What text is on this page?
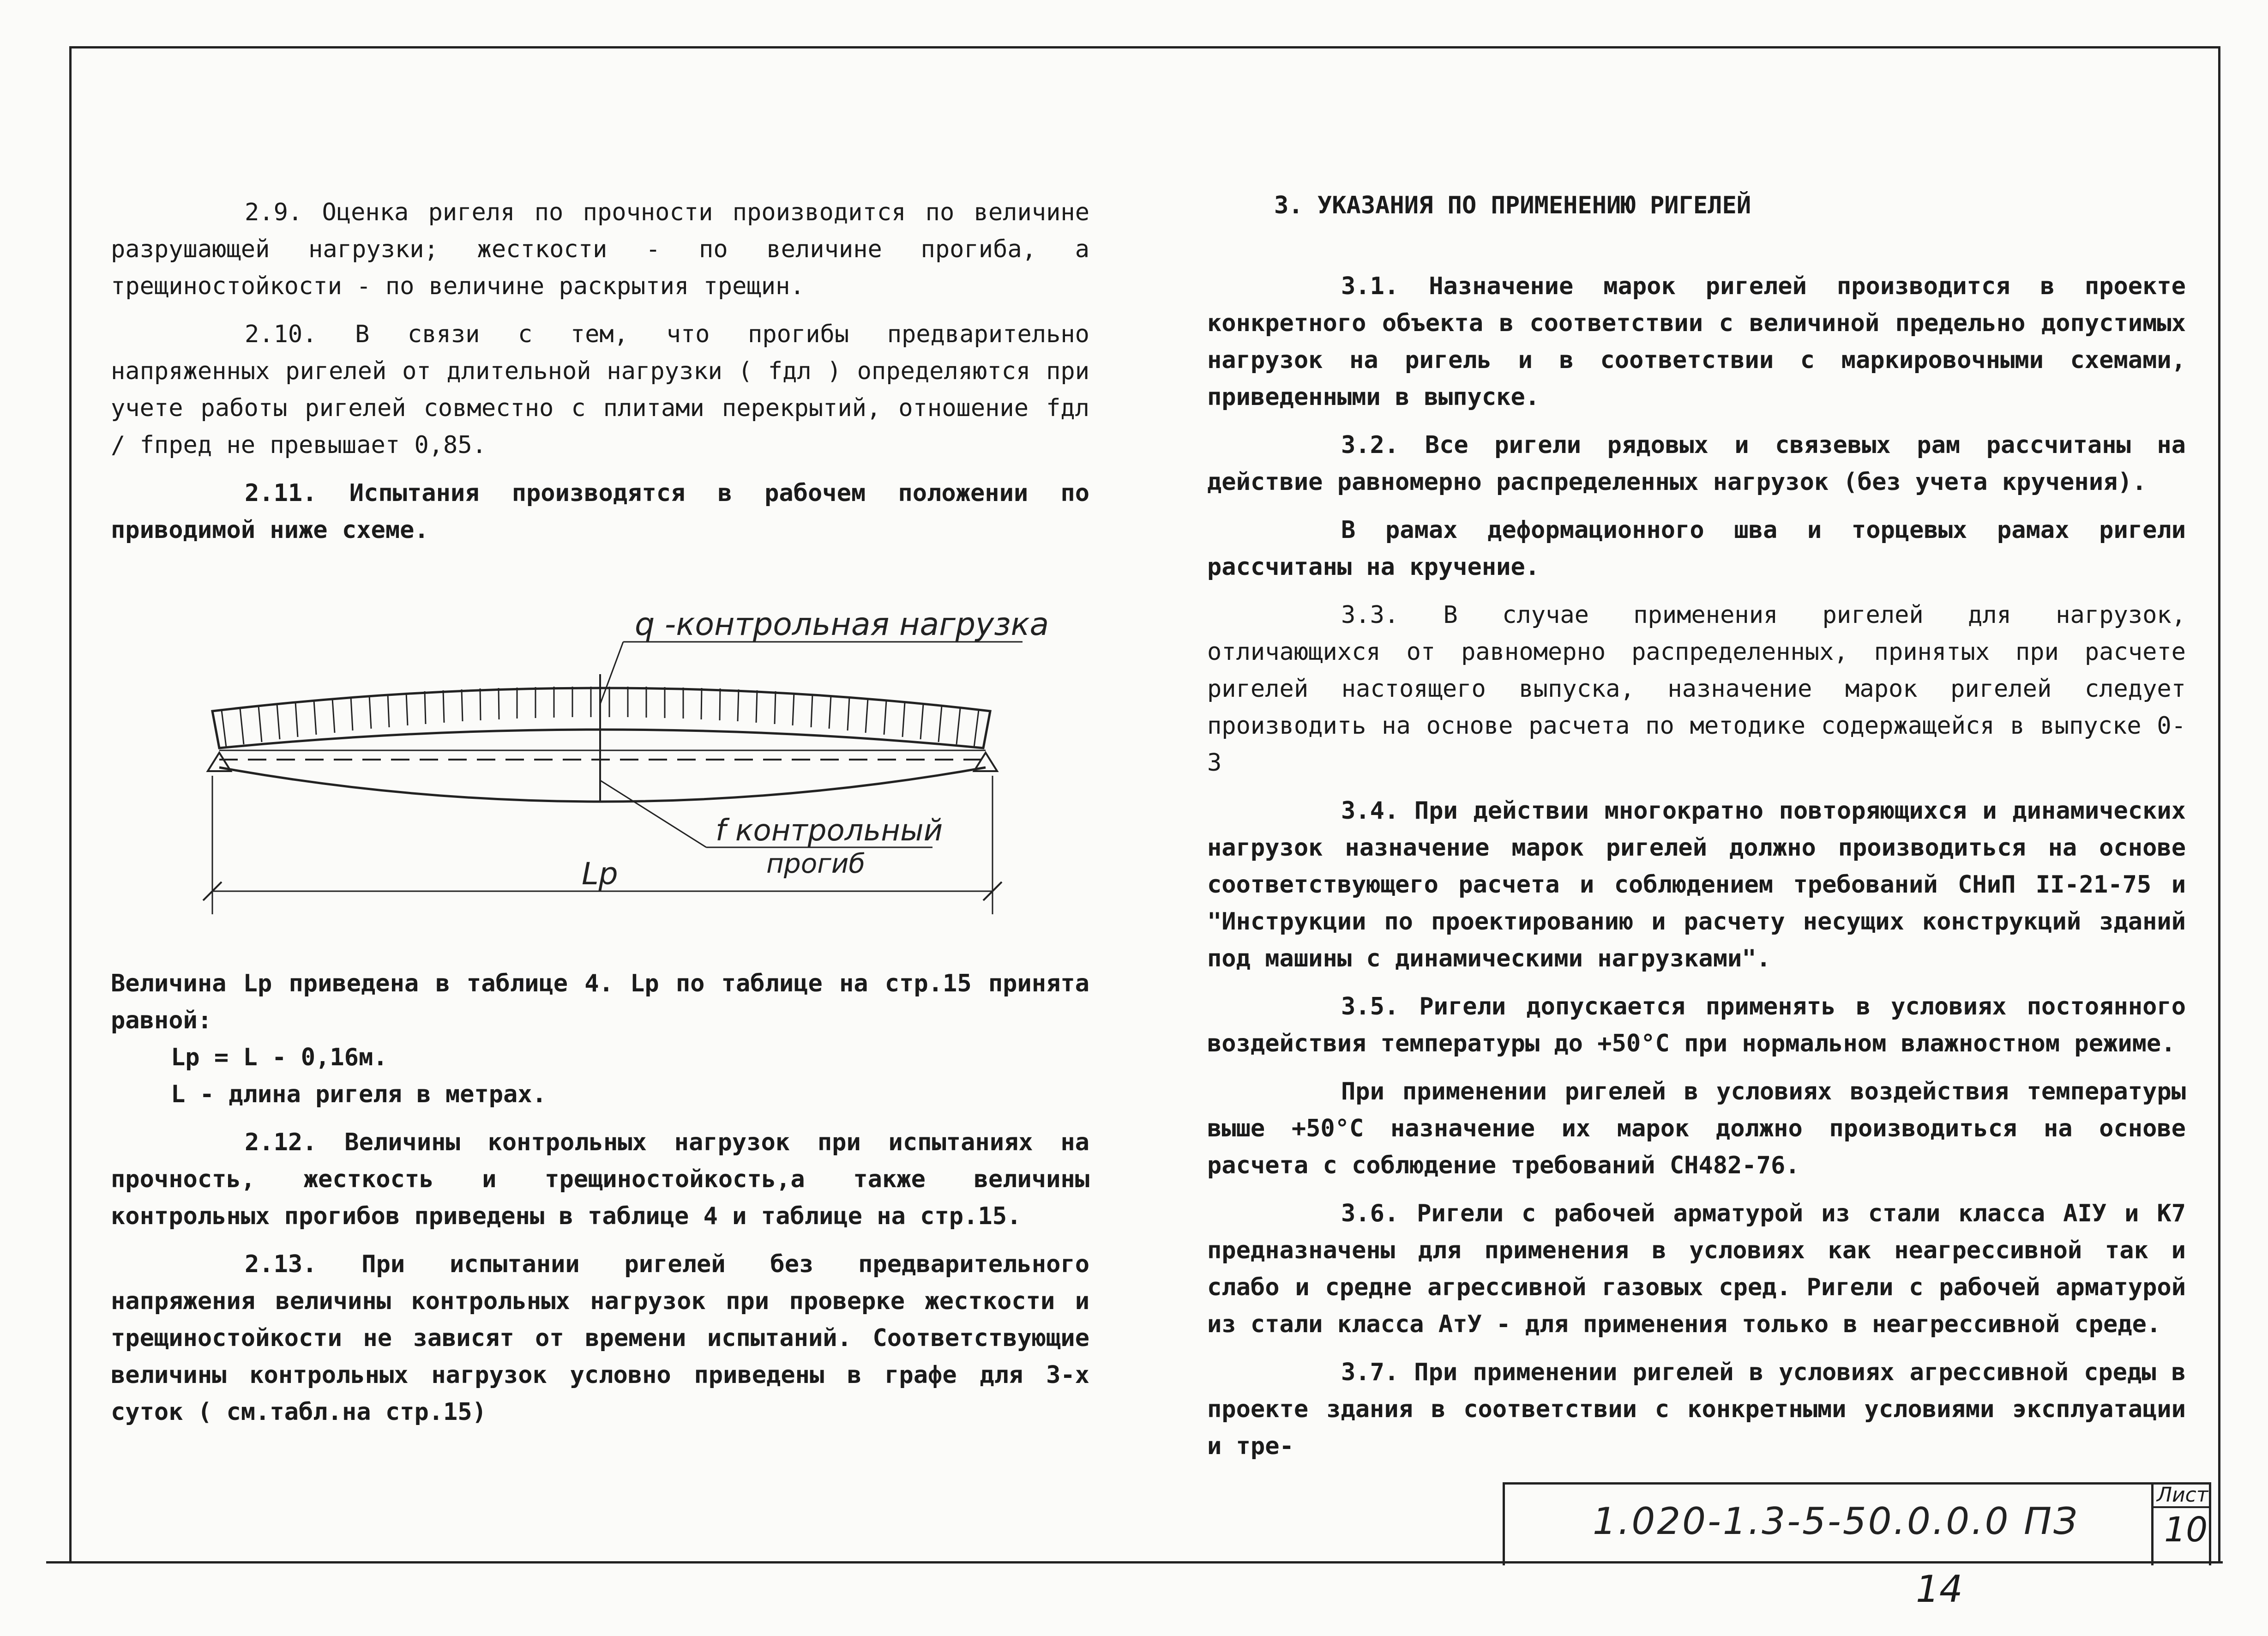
2.9. Оценка ригеля по прочности производится по величине разрушающей нагрузки; жесткости - по величине прогиба, а трещиностойкости - по величине раскрытия трещин.

2.10. В связи с тем, что прогибы предварительно напряженных ригелей от длительной нагрузки ( fдл ) определяются при учете работы ригелей совместно с плитами перекрытий, отношение fдл / fпред не превышает 0,85.

2.11. Испытания производятся в рабочем положении по приводимой ниже схеме.

q -контрольная нагрузка
f контрольный
прогиб
Lр

Величина Lр приведена в таблице 4. Lр по таблице на стр.15 принята равной:

Lр = L - 0,16м.

L - длина ригеля в метрах.

2.12. Величины контрольных нагрузок при испытаниях на прочность, жесткость и трещиностойкость,а также величины контрольных прогибов приведены в таблице 4 и таблице на стр.15.

2.13. При испытании ригелей без предварительного напряжения величины контрольных нагрузок при проверке жесткости и трещиностойкости не зависят от времени испытаний. Соответствующие величины контрольных нагрузок условно приведены в графе для 3-х суток ( см.табл.на стр.15)

3. УКАЗАНИЯ ПО ПРИМЕНЕНИЮ РИГЕЛЕЙ

3.1. Назначение марок ригелей производится в проекте конкретного объекта в соответствии с величиной предельно допустимых нагрузок на ригель и в соответствии с маркировочными схемами, приведенными в выпуске.

3.2. Все ригели рядовых и связевых рам рассчитаны на действие равномерно распределенных нагрузок (без учета кручения).

В рамах деформационного шва и торцевых рамах ригели рассчитаны на кручение.

3.3. В случае применения ригелей для нагрузок, отличающихся от равномерно распределенных, принятых при расчете ригелей настоящего выпуска, назначение марок ригелей следует производить на основе расчета по методике содержащейся в выпуске 0-3

3.4. При действии многократно повторяющихся и динамических нагрузок назначение марок ригелей должно производиться на основе соответствующего расчета и соблюдением требований СНиП II-21-75 и "Инструкции по проектированию и расчету несущих конструкций зданий под машины с динамическими нагрузками".

3.5. Ригели допускается применять в условиях постоянного воздействия температуры до +50°С при нормальном влажностном режиме.

При применении ригелей в условиях воздействия температуры выше +50°С назначение их марок должно производиться на основе расчета с соблюдение требований СН482-76.

3.6. Ригели с рабочей арматурой из стали класса AIУ и К7 предназначены для применения в условиях как неагрессивной так и слабо и средне агрессивной газовых сред. Ригели с рабочей арматурой из стали класса АтУ - для применения только в неагрессивной среде.

3.7. При применении ригелей в условиях агрессивной среды в проекте здания в соответствии с конкретными условиями эксплуатации и тре-

1.020-1.3-5-50.0.0.0 ПЗ
Лист
10
14
